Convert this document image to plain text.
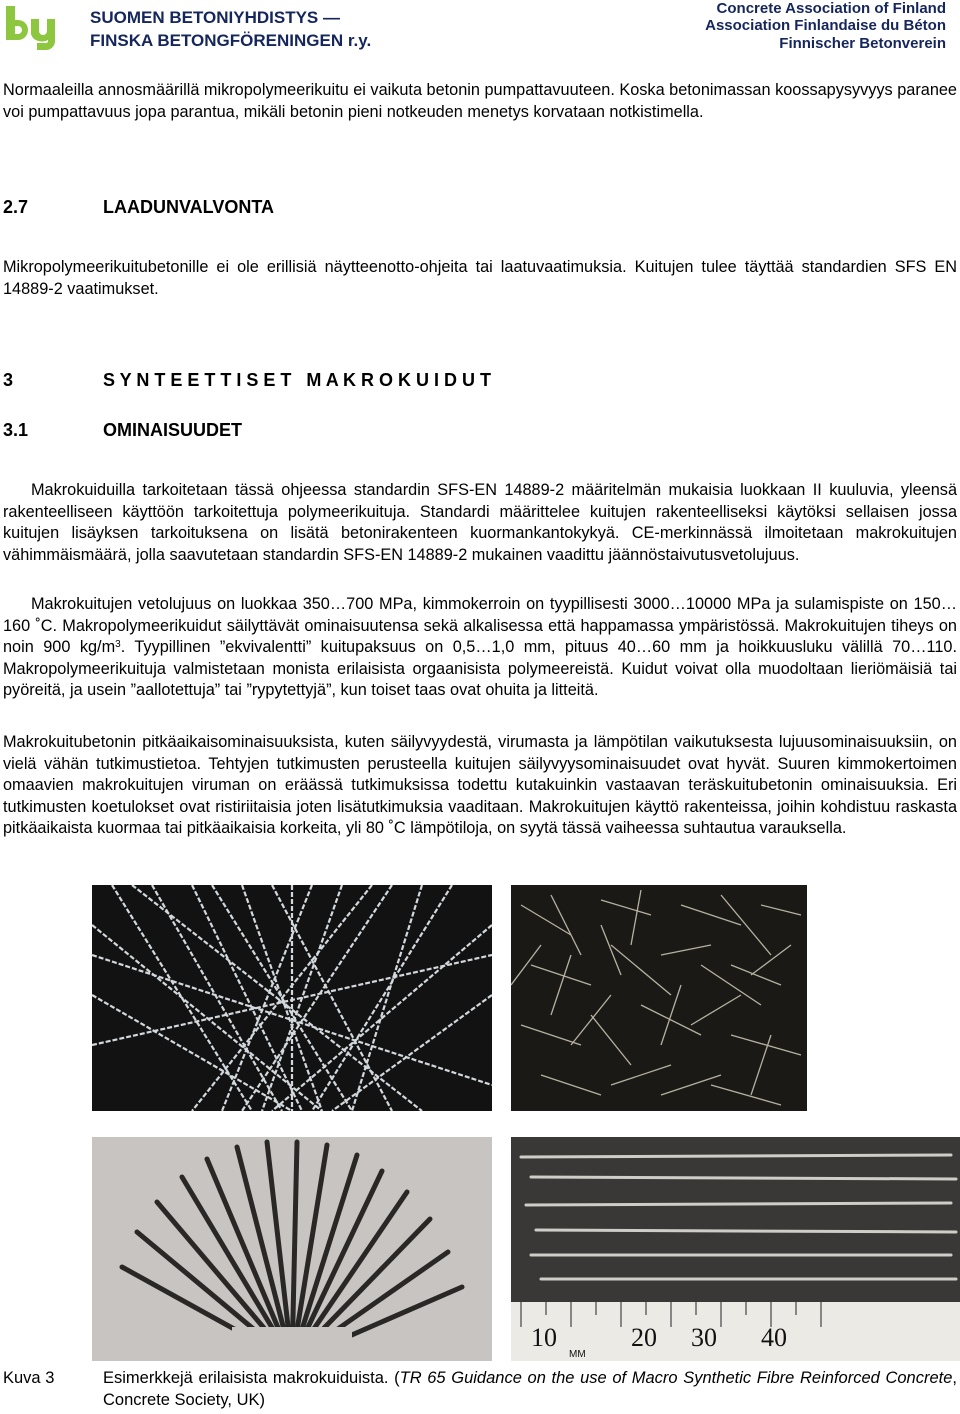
SUOMEN BETONIYHDISTYS —
FINSKA BETONGFÖRENINGEN r.y.
Concrete Association of Finland
Association Finlandaise du Béton
Finnischer Betonverein
Normaaleilla annosmäärillä mikropolymeerikuitu ei vaikuta betonin pumpattavuuteen. Koska betonimassan koossapysyvyys paranee voi pumpattavuus jopa parantua, mikäli betonin pieni notkeuden menetys korvataan notkistimella.
2.7	LAADUNVALVONTA
Mikropolymeerikuitubetonille ei ole erillisiä näytteenotto-ohjeita tai laatuvaatimuksia. Kuitujen tulee täyttää standardien SFS EN 14889-2 vaatimukset.
3	S Y N T E E T T I S E T   M A K R O K U I D U T
3.1	OMINAISUUDET
Makrokuiduilla tarkoitetaan tässä ohjeessa standardin SFS-EN 14889-2 määritelmän mukaisia luokkaan II kuuluvia, yleensä rakenteelliseen käyttöön tarkoitettuja polymeerikuituja. Standardi määrittelee kuitujen rakenteelliseksi käytöksi sellaisen jossa kuitujen lisäyksen tarkoituksena on lisätä betonirakenteen kuormankantokykyä. CE-merkinnässä ilmoitetaan makrokuitujen vähimmäismäärä, jolla saavutetaan standardin SFS-EN 14889-2 mukainen vaadittu jäännöstaivutusvetolujuus.
Makrokuitujen vetolujuus on luokkaa 350…700 MPa, kimmokerroin on tyypillisesti 3000…10000 MPa ja sulamispiste on 150…160 ˚C. Makropolymeerikuidut säilyttävät ominaisuutensa sekä alkalisessa että happamassa ympäristössä. Makrokuitujen tiheys on noin 900 $kg/m^3$. Tyypillinen ”ekvivalentti” kuitupaksuus on 0,5…1,0 mm, pituus 40…60 mm ja hoikkuusluku välillä 70…110. Makropolymeerikuituja valmistetaan monista erilaisista orgaanisista polymeereistä. Kuidut voivat olla muodoltaan lieriömäisiä tai pyöreitä, ja usein ”aallotettuja” tai ”rypytettyjä”, kun toiset taas ovat ohuita ja litteitä.
Makrokuitubetonin pitkäaikaisominaisuuksista, kuten säilyvyydestä, virumasta ja lämpötilan vaikutuksesta lujuusominaisuuksiin, on vielä vähän tutkimustietoa. Tehtyjen tutkimusten perusteella kuitujen säilyvyysominaisuudet ovat hyvät. Suuren kimmokertoimen omaavien makrokuitujen viruman on eräässä tutkimuksissa todettu kutakuinkin vastaavan teräskuitubetonin ominaisuuksia. Eri tutkimusten koetulokset ovat ristiriitaisia joten lisätutkimuksia vaaditaan. Makrokuitujen käyttö rakenteissa, joihin kohdistuu raskasta pitkäaikaista kuormaa tai pitkäaikaisia korkeita, yli 80 ˚C lämpötiloja, on syytä tässä vaiheessa suhtautua varauksella.
10	20 30 40
MM
Kuva 3	Esimerkkejä erilaisista makrokuiduista. (TR 65 Guidance on the use of Macro Synthetic Fibre Reinforced Concrete, Concrete Society, UK)
